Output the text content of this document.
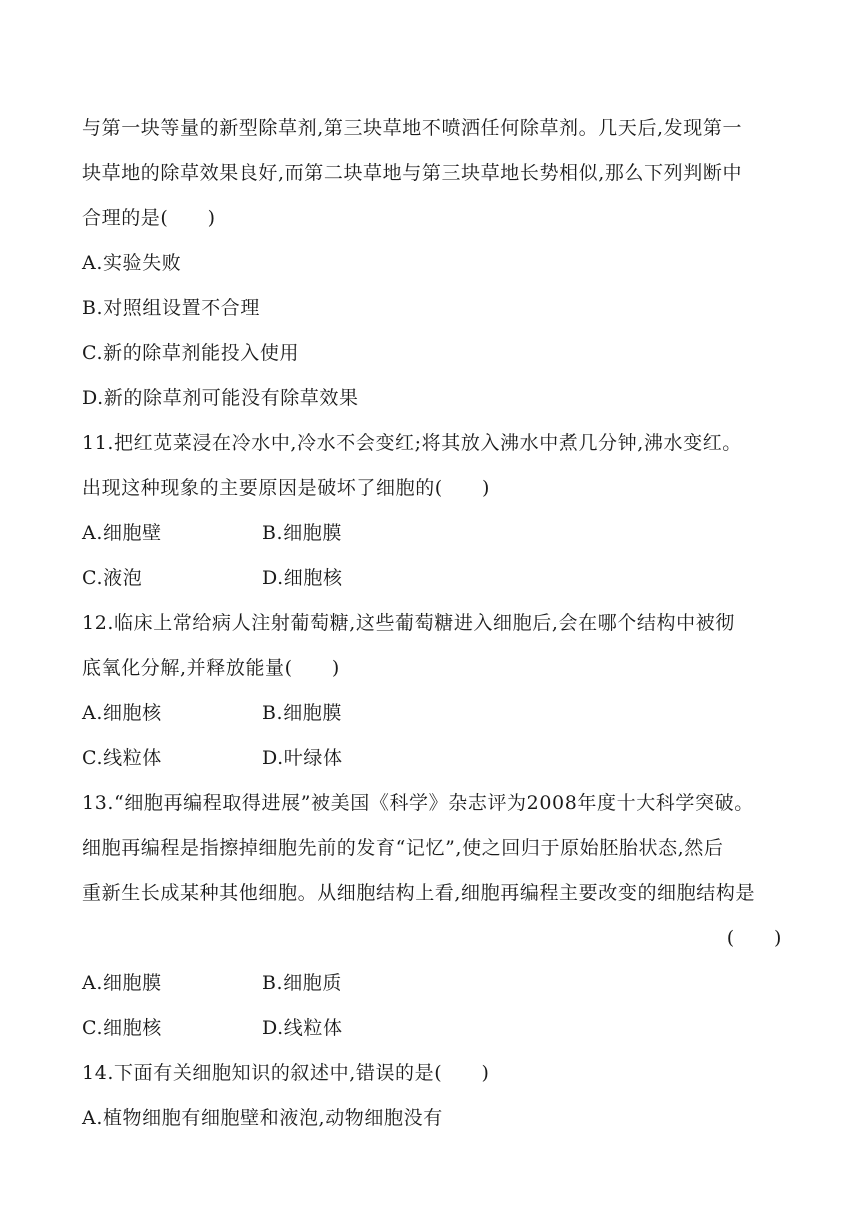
与第一块等量的新型除草剂,第三块草地不喷洒任何除草剂。几天后,发现第一
块草地的除草效果良好,而第二块草地与第三块草地长势相似,那么下列判断中
合理的是(　　)
A.实验失败
B.对照组设置不合理
C.新的除草剂能投入使用
D.新的除草剂可能没有除草效果
11.把红苋菜浸在冷水中,冷水不会变红;将其放入沸水中煮几分钟,沸水变红。
出现这种现象的主要原因是破坏了细胞的(　　)
A.细胞壁	B.细胞膜
C.液泡	D.细胞核
12.临床上常给病人注射葡萄糖,这些葡萄糖进入细胞后,会在哪个结构中被彻
底氧化分解,并释放能量(　　)
A.细胞核	B.细胞膜
C.线粒体	D.叶绿体
13.“细胞再编程取得进展”被美国《科学》杂志评为2008年度十大科学突破。
细胞再编程是指擦掉细胞先前的发育“记忆”,使之回归于原始胚胎状态,然后
重新生长成某种其他细胞。从细胞结构上看,细胞再编程主要改变的细胞结构是
(　　)
A.细胞膜	B.细胞质
C.细胞核	D.线粒体
14.下面有关细胞知识的叙述中,错误的是(　　)
A.植物细胞有细胞壁和液泡,动物细胞没有
